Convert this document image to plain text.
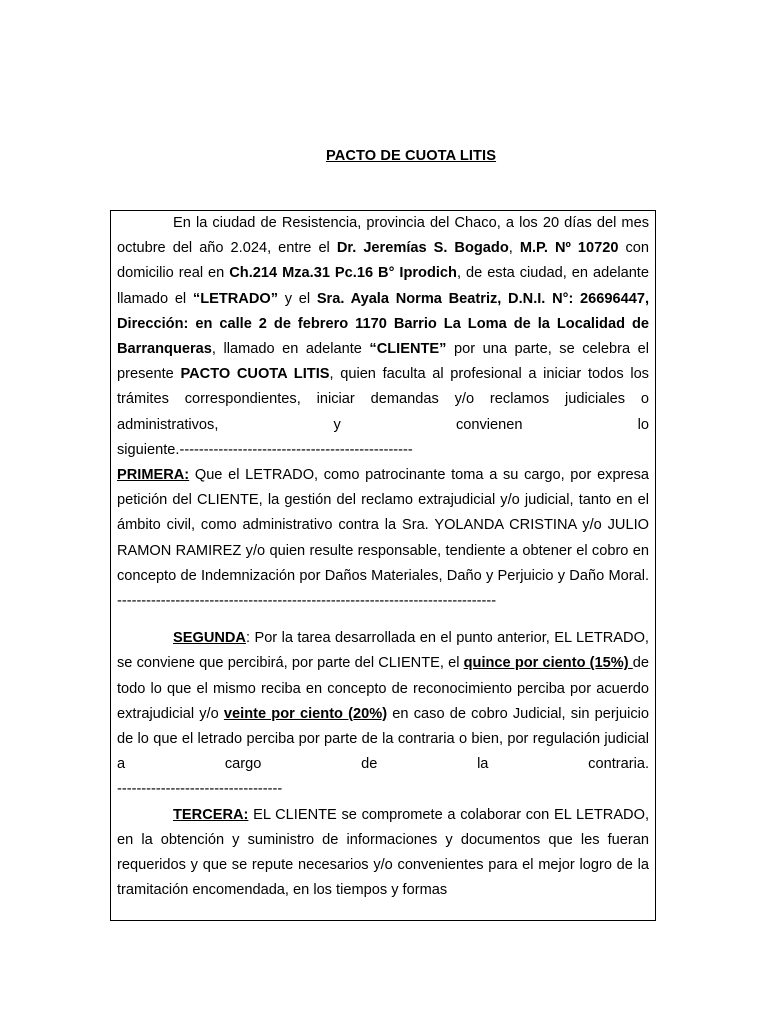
PACTO DE CUOTA LITIS

En la ciudad de Resistencia, provincia del Chaco, a los 20 días del mes octubre del año 2.024, entre el Dr. Jeremías S. Bogado, M.P. Nº 10720 con domicilio real en Ch.214 Mza.31 Pc.16 B° Iprodich, de esta ciudad, en adelante llamado el “LETRADO” y el Sra. Ayala Norma Beatriz, D.N.I. N°: 26696447, Dirección: en calle 2 de febrero 1170 Barrio La Loma de la Localidad de Barranqueras, llamado en adelante “CLIENTE” por una parte, se celebra el presente PACTO CUOTA LITIS, quien faculta al profesional a iniciar todos los trámites correspondientes, iniciar demandas y/o reclamos judiciales o administrativos, y convienen lo

siguiente.------------------------------------------------

PRIMERA: Que el LETRADO, como patrocinante toma a su cargo, por expresa petición del CLIENTE, la gestión del reclamo extrajudicial y/o judicial, tanto en el ámbito civil, como administrativo contra la Sra. YOLANDA CRISTINA y/o JULIO RAMON RAMIREZ y/o quien resulte responsable, tendiente a obtener el cobro en concepto de Indemnización por Daños Materiales, Daño y Perjuicio y Daño Moral.

------------------------------------------------------------------------------

SEGUNDA: Por la tarea desarrollada en el punto anterior, EL LETRADO, se conviene que percibirá, por parte del CLIENTE, el quince por ciento (15%) de todo lo que el mismo reciba en concepto de reconocimiento perciba por acuerdo extrajudicial y/o veinte por ciento (20%) en caso de cobro Judicial, sin perjuicio de lo que el letrado perciba por parte de la contraria o bien, por regulación judicial a cargo de la contraria.

----------------------------------

TERCERA: EL CLIENTE se compromete a colaborar con EL LETRADO, en la obtención y suministro de informaciones y documentos que les fueran requeridos y que se repute necesarios y/o convenientes para el mejor logro de la tramitación encomendada, en los tiempos y formas
